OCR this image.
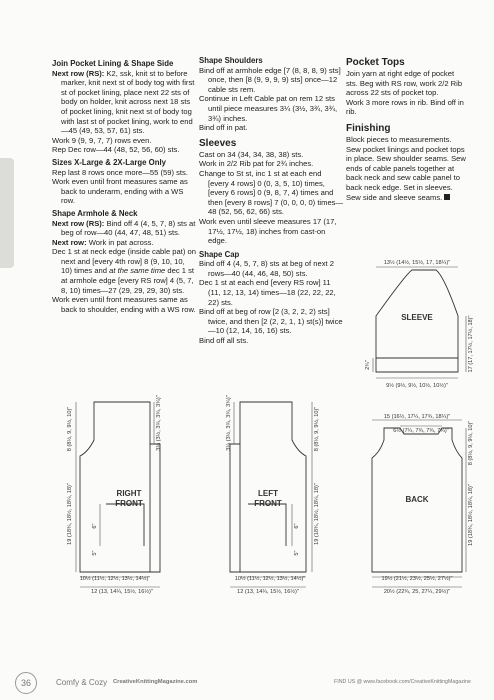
Join Pocket Lining & Shape Side

Next row (RS): K2, ssk, knit st to before marker, knit next st of body tog with first st of pocket lining, place next 22 sts of body on holder, knit across next 18 sts of pocket lining, knit next st of body tog with last st of pocket lining, work to end—45 (49, 53, 57, 61) sts.

Work 9 (9, 9, 7, 7) rows even.

Rep Dec row—44 (48, 52, 56, 60) sts.

Sizes X-Large & 2X-Large Only

Rep last 8 rows once more—55 (59) sts.

Work even until front measures same as back to underarm, ending with a WS row.

Shape Armhole & Neck

Next row (RS): Bind off 4 (4, 5, 7, 8) sts at beg of row—40 (44, 47, 48, 51) sts.

Next row: Work in pat across.

Dec 1 st at neck edge (inside cable pat) on next and [every 4th row] 8 (9, 10, 10, 10) times and at the same time dec 1 st at armhole edge [every RS row] 4 (5, 7, 8, 10) times—27 (29, 29, 29, 30) sts.

Work even until front measures same as back to shoulder, ending with a WS row.

Shape Shoulders

Bind off at armhole edge [7 (8, 8, 8, 9) sts] once, then [8 (9, 9, 9, 9) sts] once—12 cable sts rem.

Continue in Left Cable pat on rem 12 sts until piece measures 3¼ (3½, 3¾, 3¾, 3¾) inches.

Bind off in pat.

Sleeves

Cast on 34 (34, 34, 38, 38) sts.

Work in 2/2 Rib pat for 2¾ inches.

Change to St st, inc 1 st at each end [every 4 rows] 0 (0, 3, 5, 10) times, [every 6 rows] 0 (9, 8, 7, 4) times and then [every 8 rows] 7 (0, 0, 0, 0) times—48 (52, 56, 62, 66) sts.

Work even until sleeve measures 17 (17, 17½, 17½, 18) inches from cast-on edge.

Shape Cap

Bind off 4 (4, 5, 7, 8) sts at beg of next 2 rows—40 (44, 46, 48, 50) sts.

Dec 1 st at each end [every RS row] 11 (11, 12, 13, 14) times—18 (22, 22, 22, 22) sts.

Bind off at beg of row [2 (3, 2, 2, 2) sts] twice, and then [2 (2, 2, 1, 1) st(s)] twice—10 (12, 14, 16, 16) sts.

Bind off all sts.

Pocket Tops

Join yarn at right edge of pocket sts. Beg with RS row, work 2/2 Rib across 22 sts of pocket top.

Work 3 more rows in rib. Bind off in rib.

Finishing

Block pieces to measurements.

Sew pocket linings and pocket tops in place. Sew shoulder seams. Sew ends of cable panels together at back neck and sew cable panel to back neck edge. Set in sleeves. Sew side and sleeve seams.

13½ (14½, 15½, 17, 18¼)"
SLEEVE	17 (17, 17½, 17½, 18)"
2¾"
9½ (9½, 9½, 10½, 10½)"
RIGHT
FRONT
3¼ (3½, 3¾, 3¾, 3¾)"
8 (8½, 9, 9½, 10)"
19 (18¾, 18½, 18¼, 18)"	6"
5"
10½ (11½, 12½, 13½, 14½)"
12 (13, 14¼, 15½, 16½)"
LEFT
FRONT
3¼ (3½, 3¾, 3¾, 3¾)"	8 (8½, 9, 9½, 10)"
19 (18¾, 18½, 18¼, 18)"
6"
5"
10½ (11½, 12½, 13½, 14½)"
12 (13, 14¼, 15½, 16½)"
15 (16½, 17¼, 17¾, 18¼)"
6½ (7¼, 7¾, 7¾, 7¾)"
BACK
8 (8½, 9, 9½, 10)"
19 (18¾, 18½, 18¼, 18)"
19½ (21½, 23½, 25½, 27½)"
20½ (22¾, 25, 27¼, 29½)"
36	Comfy & Cozy CreativeKnittingMagazine.com	FIND US @ www.facebook.com/CreativeKnittingMagazine
